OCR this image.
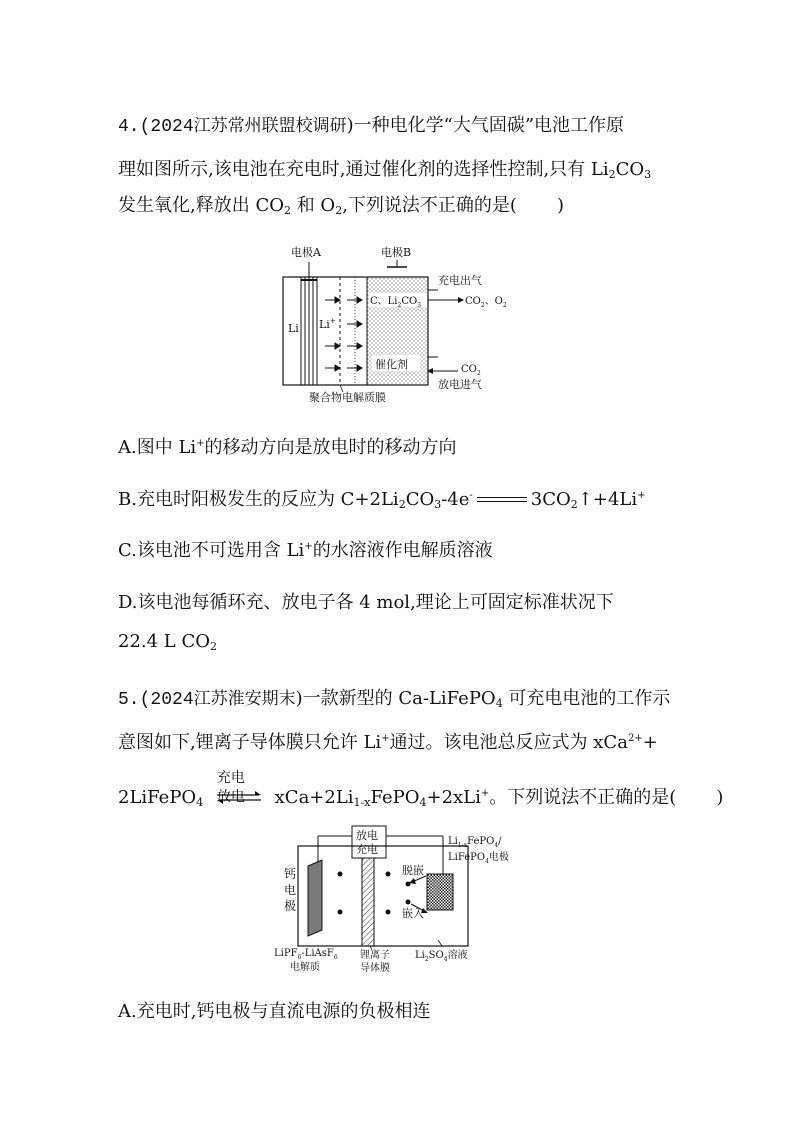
4.(2024江苏常州联盟校调研)一种电化学“大气固碳”电池工作原
理如图所示,该电池在充电时,通过催化剂的选择性控制,只有 $Li_2CO_3$
发生氧化,释放出 $CO_2$ 和 $O_2$,下列说法不正确的是( )
电极A	电极B
Li Li+
C、$Li_2CO_3$
催化剂
充电出气
$CO_2$、$O_2$
$CO_2$
放电进气
聚合物电解质膜
A.图中 Li+的移动方向是放电时的移动方向
B.充电时阳极发生的反应为 $C+2Li_2CO_3-4e^-$	$3CO_2↑+4Li^+$
C.该电池不可选用含 Li+的水溶液作电解质溶液
D.该电池每循环充、放电子各 4 mol,理论上可固定标准状况下
22.4 L $CO_2$
5.(2024江苏淮安期末)一款新型的 Ca-LiFePO$_4$ 可充电电池的工作示
意图如下,锂离子导体膜只允许 Li+通过。该电池总反应式为 xCa$^{2+}$+
2LiFePO$_4$
充电
放电 $xCa+2Li_{1-x}FePO_4+2xLi^+$。下列说法不正确的是( )
放电
充电
钙
电
极
脱嵌
嵌入
$Li_{1-x}FePO_4/$
LiFePO$_4$电极
LiPF$_6$-LiAsF$_6$
电解质
锂离子
导体膜
$Li_2SO_4$溶液
A.充电时,钙电极与直流电源的负极相连
